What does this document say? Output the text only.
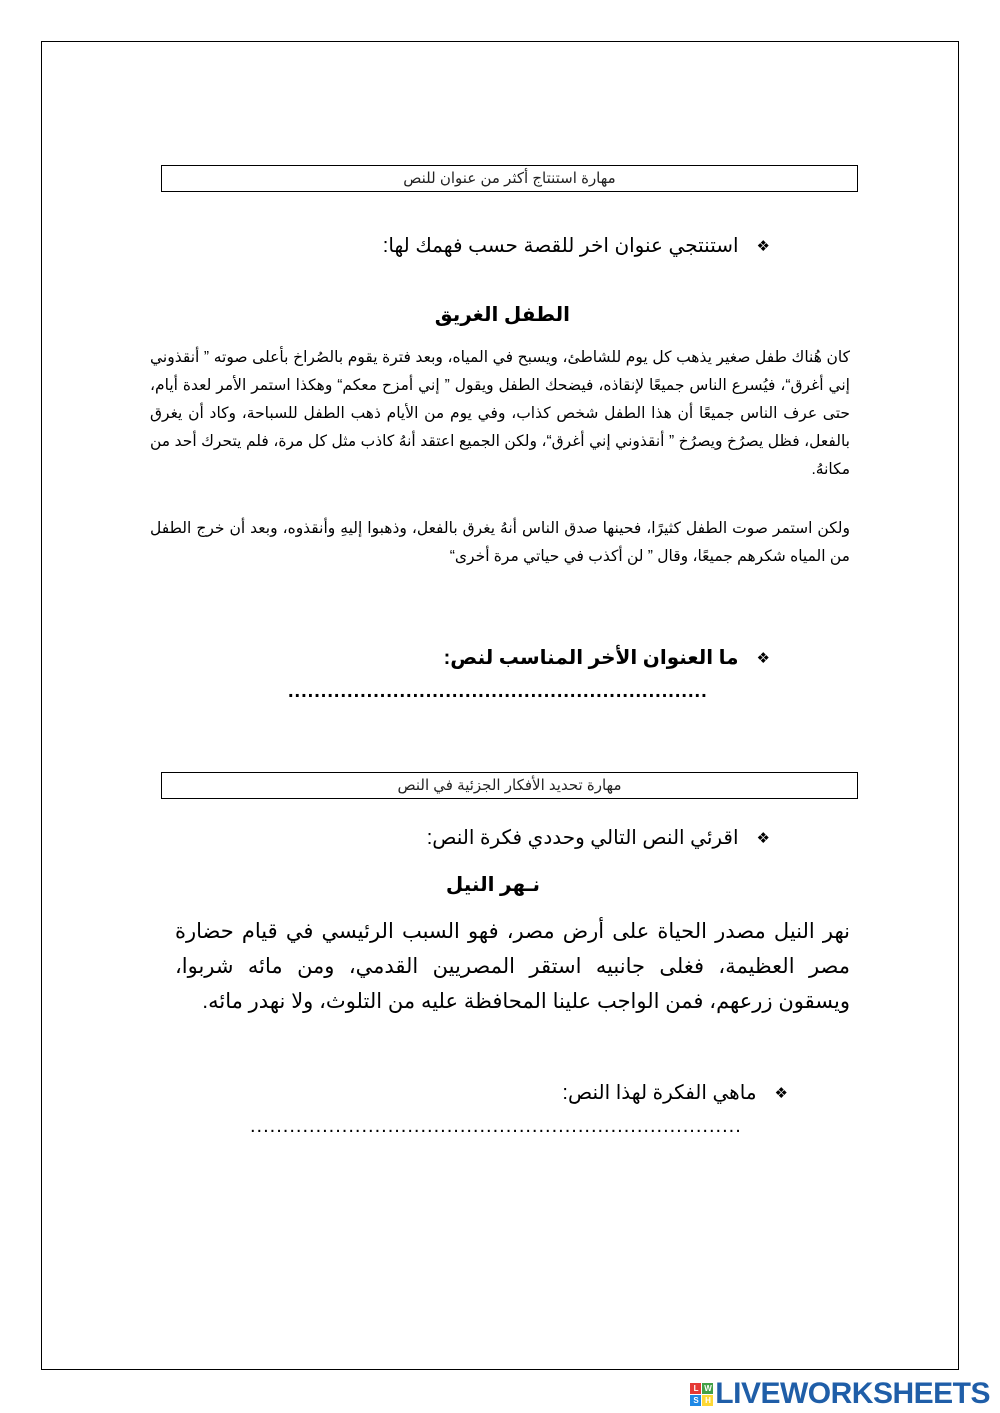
مهارة استنتاج أكثر من عنوان للنص
❖
استنتجي عنوان اخر للقصة حسب فهمك لها:
الطفل الغريق
كان هُناك طفل صغير يذهب كل يوم للشاطئ، ويسبح في المياه، وبعد فترة يقوم بالصُراخ بأعلى صوته ” أنقذوني إني أغرق“، فيُسرع الناس جميعًا لإنقاذه، فيضحك الطفل ويقول ” إني أمزح معكم“ وهكذا استمر الأمر لعدة أيام، حتى عرف الناس جميعًا أن هذا الطفل شخص كذاب، وفي يوم من الأيام ذهب الطفل للسباحة، وكاد أن يغرق بالفعل، فظل يصرُخ ويصرُخ ” أنقذوني إني أغرق“، ولكن الجميع اعتقد أنهُ كاذب مثل كل مرة، فلم يتحرك أحد من مكانهُ.
ولكن استمر صوت الطفل كثيرًا، فحينها صدق الناس أنهُ يغرق بالفعل، وذهبوا إليهِ وأنقذوه، وبعد أن خرج الطفل من المياه شكرهم جميعًا، وقال ” لن أكذب في حياتي مرة أخرى“
❖
ما العنوان الأخر المناسب لنص:
................................................................
مهارة تحديد الأفكار الجزئية في النص
❖
اقرئي النص التالي وحددي فكرة النص:
نـهر النيل
نهر النيل مصدر الحياة على أرض مصر، فهو السبب الرئيسي في قيام حضارة مصر العظيمة، فغلى جانبيه استقر المصريين القدمي، ومن مائه شربوا، ويسقون زرعهم، فمن الواجب علينا المحافظة عليه من التلوث، ولا نهدر مائه.
❖
ماهي الفكرة لهذا النص:
...........................................................................
L W
S H LIVEWORKSHEETS
